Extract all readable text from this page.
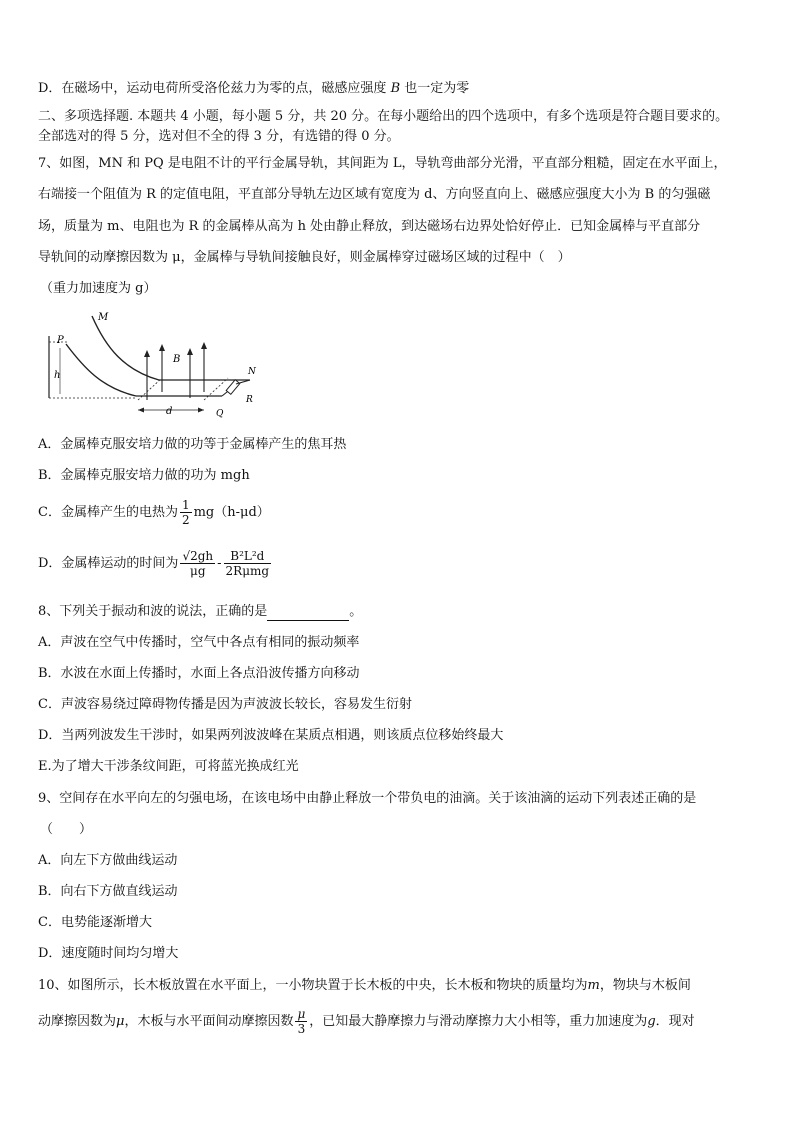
D．在磁场中，运动电荷所受洛伦兹力为零的点，磁感应强度 B 也一定为零
二、多项选择题. 本题共 4 小题，每小题 5 分，共 20 分。在每小题给出的四个选项中，有多个选项是符合题目要求的。
全部选对的得 5 分，选对但不全的得 3 分，有选错的得 0 分。
7、如图，MN 和 PQ 是电阻不计的平行金属导轨，其间距为 L，导轨弯曲部分光滑，平直部分粗糙，固定在水平面上，
右端接一个阻值为 R 的定值电阻，平直部分导轨左边区域有宽度为 d、方向竖直向上、磁感应强度大小为 B 的匀强磁
场，质量为 m、电阻也为 R 的金属棒从高为 h 处由静止释放，到达磁场右边界处恰好停止．已知金属棒与平直部分
导轨间的动摩擦因数为 μ，金属棒与导轨间接触良好，则金属棒穿过磁场区域的过程中（　）
（重力加速度为 g）
P
M
B
N
h
d	Q
R
A．金属棒克服安培力做的功等于金属棒产生的焦耳热
B．金属棒克服安培力做的功为 mgh
C．金属棒产生的电热为 $\frac{1}{2} mg(h-\mu d)$
D．金属棒运动的时间为 $\frac{√2gh}{\mu g} - \frac{\text{B²L²d}}{\text{2Rμmg}}$
8、下列关于振动和波的说法，正确的是	。
A．声波在空气中传播时，空气中各点有相同的振动频率
B．水波在水面上传播时，水面上各点沿波传播方向移动
C．声波容易绕过障碍物传播是因为声波波长较长，容易发生衍射
D．当两列波发生干涉时，如果两列波波峰在某质点相遇，则该质点位移始终最大
E.为了增大干涉条纹间距，可将蓝光换成红光
9、空间存在水平向左的匀强电场，在该电场中由静止释放一个带负电的油滴。关于该油滴的运动下列表述正确的是
（　　）
A．向左下方做曲线运动
B．向右下方做直线运动
C．电势能逐渐增大
D．速度随时间均匀增大
10、如图所示，长木板放置在水平面上，一小物块置于长木板的中央，长木板和物块的质量均为m，物块与木板间
动摩擦因数为μ，木板与水平面间动摩擦因数 $\frac{\mu}{3}$ ，已知最大静摩擦力与滑动摩擦力大小相等，重力加速度为g．现对
